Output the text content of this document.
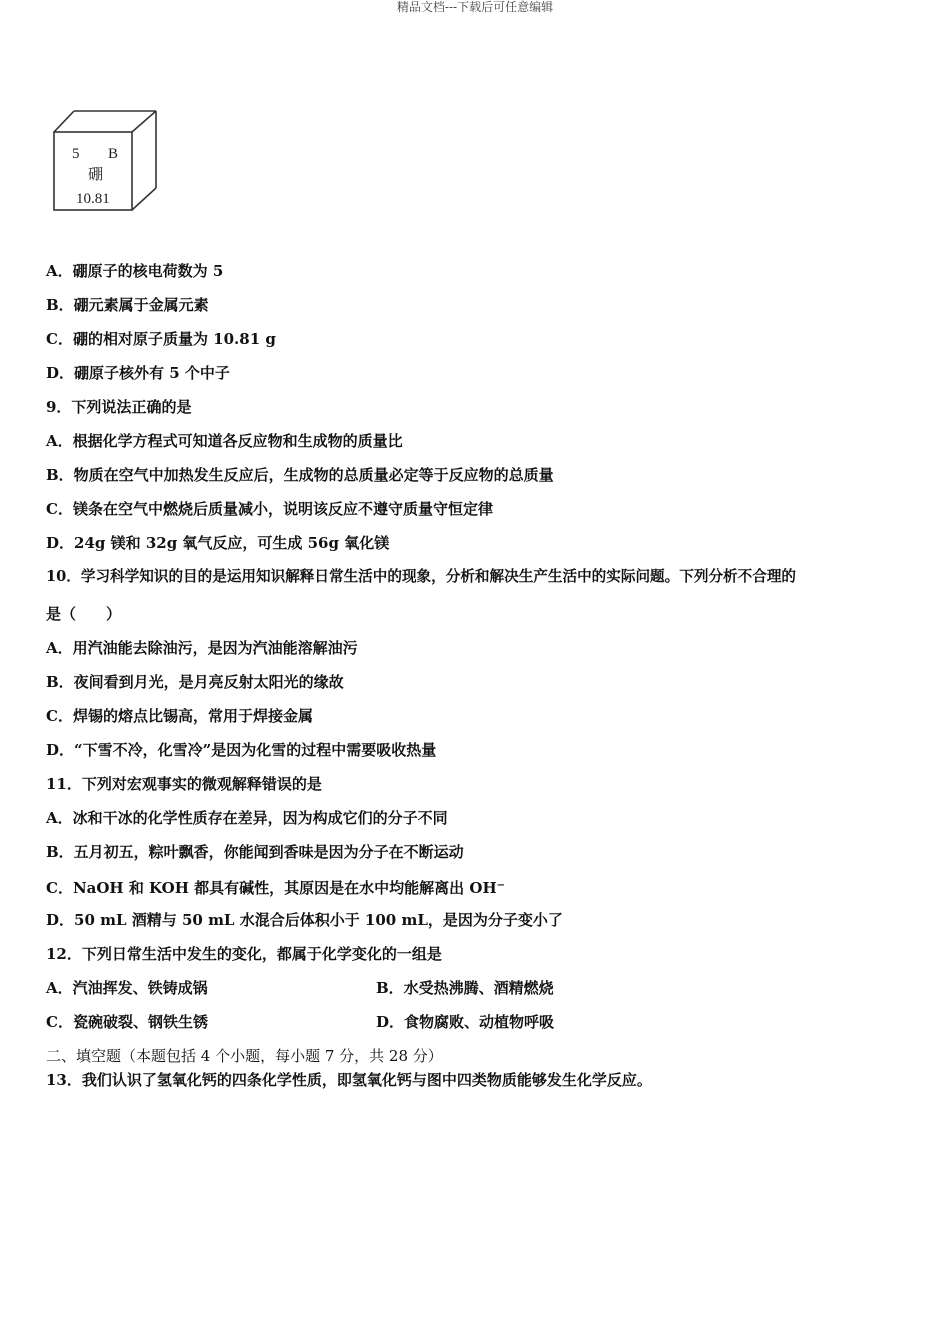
精品文档---下载后可任意编辑
5 B
硼
10.81
A．硼原子的核电荷数为 5
B．硼元素属于金属元素
C．硼的相对原子质量为 10.81 g
D．硼原子核外有 5 个中子
9．下列说法正确的是
A．根据化学方程式可知道各反应物和生成物的质量比
B．物质在空气中加热发生反应后，生成物的总质量必定等于反应物的总质量
C．镁条在空气中燃烧后质量减小，说明该反应不遵守质量守恒定律
D．24g 镁和 32g 氧气反应，可生成 56g 氧化镁
10．学习科学知识的目的是运用知识解释日常生活中的现象，分析和解决生产生活中的实际问题。下列分析不合理的
是（　　）
A．用汽油能去除油污，是因为汽油能溶解油污
B．夜间看到月光，是月亮反射太阳光的缘故
C．焊锡的熔点比锡高，常用于焊接金属
D．“下雪不冷，化雪冷”是因为化雪的过程中需要吸收热量
11．下列对宏观事实的微观解释错误的是
A．冰和干冰的化学性质存在差异，因为构成它们的分子不同
B．五月初五，粽叶飘香，你能闻到香味是因为分子在不断运动
C．NaOH 和 KOH 都具有碱性，其原因是在水中均能解离出 OH−
D．50 mL 酒精与 50 mL 水混合后体积小于 100 mL，是因为分子变小了
12．下列日常生活中发生的变化，都属于化学变化的一组是
A．汽油挥发、铁铸成锅	B．水受热沸腾、酒精燃烧
C．瓷碗破裂、钢铁生锈	D．食物腐败、动植物呼吸
二、填空题（本题包括 4 个小题，每小题 7 分，共 28 分）
13．我们认识了氢氧化钙的四条化学性质，即氢氧化钙与图中四类物质能够发生化学反应。
